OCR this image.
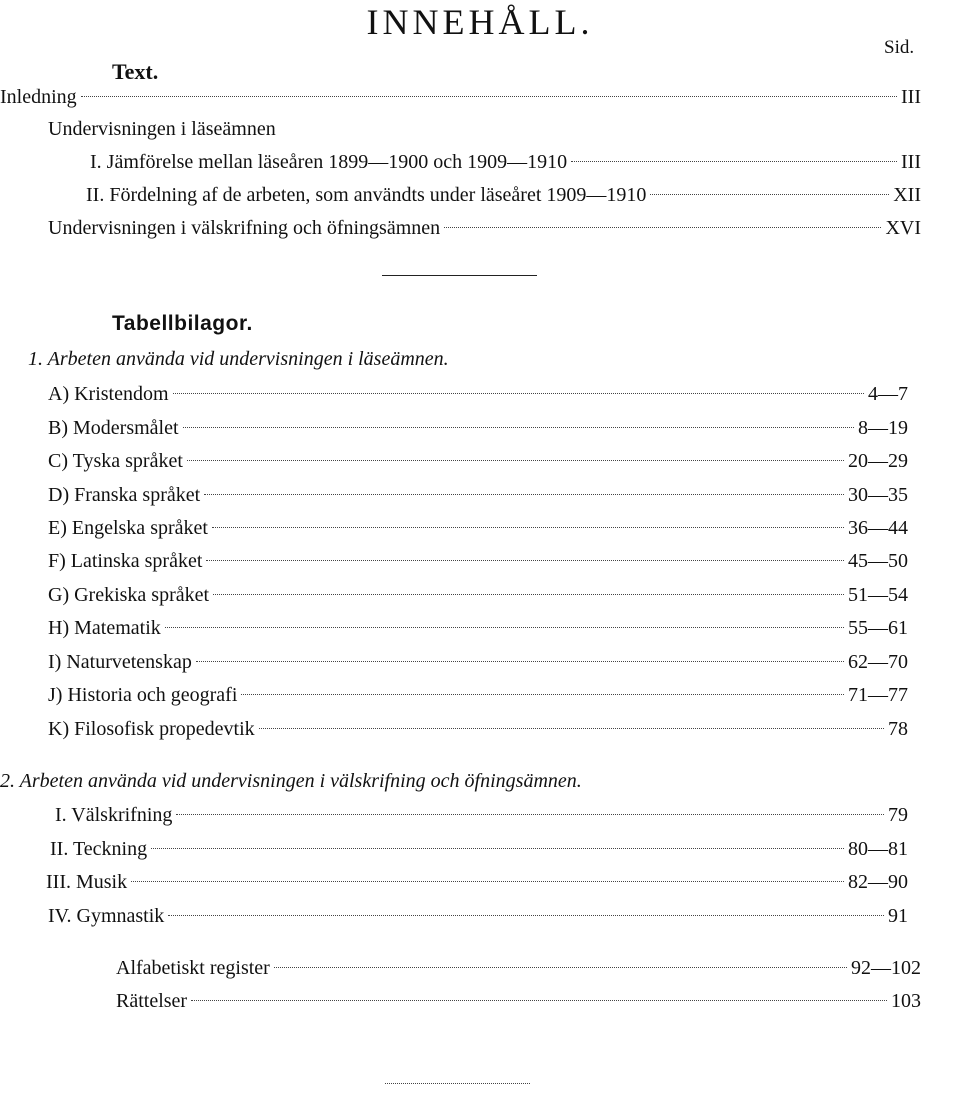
INNEHÅLL.
Sid.
Text.
Inledning	III
Undervisningen i läseämnen
I. Jämförelse mellan läseåren 1899—1900 och 1909—1910	III
II. Fördelning af de arbeten, som användts under läseåret 1909—1910	XII
Undervisningen i välskrifning och öfningsämnen	XVI
Tabellbilagor.
1. Arbeten använda vid undervisningen i läseämnen.
A) Kristendom	4—7
B) Modersmålet	8—19
C) Tyska språket	20—29
D) Franska språket	30—35
E) Engelska språket	36—44
F) Latinska språket	45—50
G) Grekiska språket	51—54
H) Matematik	55—61
I) Naturvetenskap	62—70
J) Historia och geografi	71—77
K) Filosofisk propedevtik	78
2. Arbeten använda vid undervisningen i välskrifning och öfningsämnen.
I. Välskrifning	79
II. Teckning	80—81
III. Musik	82—90
IV. Gymnastik	91
Alfabetiskt register	92—102
Rättelser	103
